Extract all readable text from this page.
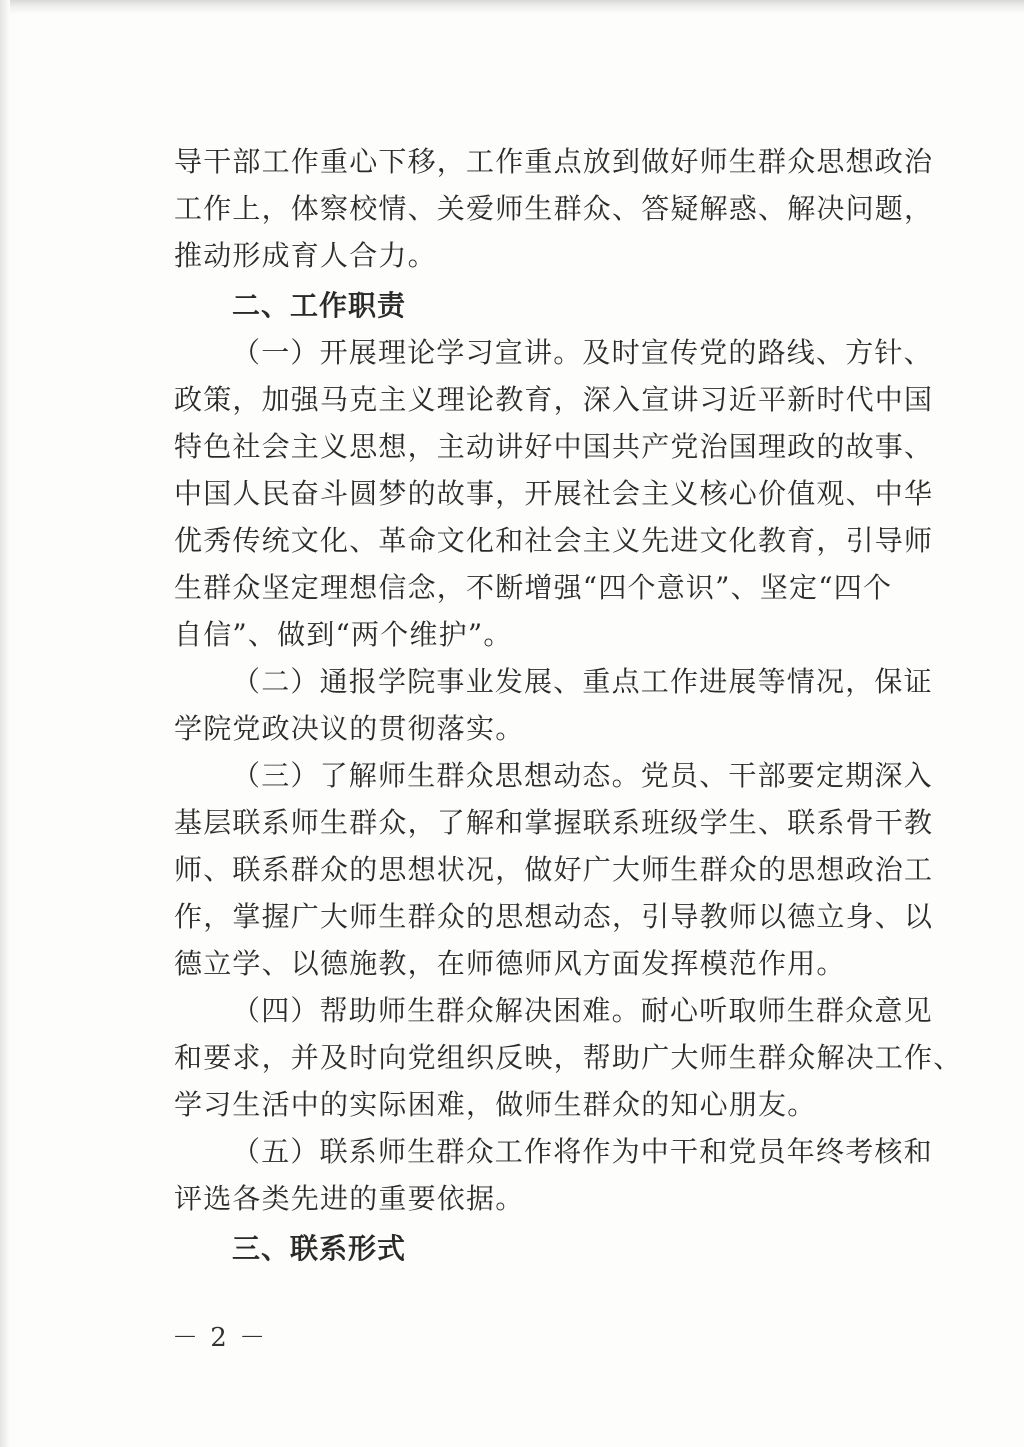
导干部工作重心下移，工作重点放到做好师生群众思想政治
工作上，体察校情、关爱师生群众、答疑解惑、解决问题，
推动形成育人合力。
二、工作职责
（一）开展理论学习宣讲。及时宣传党的路线、方针、
政策，加强马克主义理论教育，深入宣讲习近平新时代中国
特色社会主义思想，主动讲好中国共产党治国理政的故事、
中国人民奋斗圆梦的故事，开展社会主义核心价值观、中华
优秀传统文化、革命文化和社会主义先进文化教育，引导师
生群众坚定理想信念，不断增强“四个意识”、坚定“四个
自信”、做到“两个维护”。
（二）通报学院事业发展、重点工作进展等情况，保证
学院党政决议的贯彻落实。
（三）了解师生群众思想动态。党员、干部要定期深入
基层联系师生群众，了解和掌握联系班级学生、联系骨干教
师、联系群众的思想状况，做好广大师生群众的思想政治工
作，掌握广大师生群众的思想动态，引导教师以德立身、以
德立学、以德施教，在师德师风方面发挥模范作用。
（四）帮助师生群众解决困难。耐心听取师生群众意见
和要求，并及时向党组织反映，帮助广大师生群众解决工作、
学习生活中的实际困难，做师生群众的知心朋友。
（五）联系师生群众工作将作为中干和党员年终考核和
评选各类先进的重要依据。
三、联系形式
－ 2 －
